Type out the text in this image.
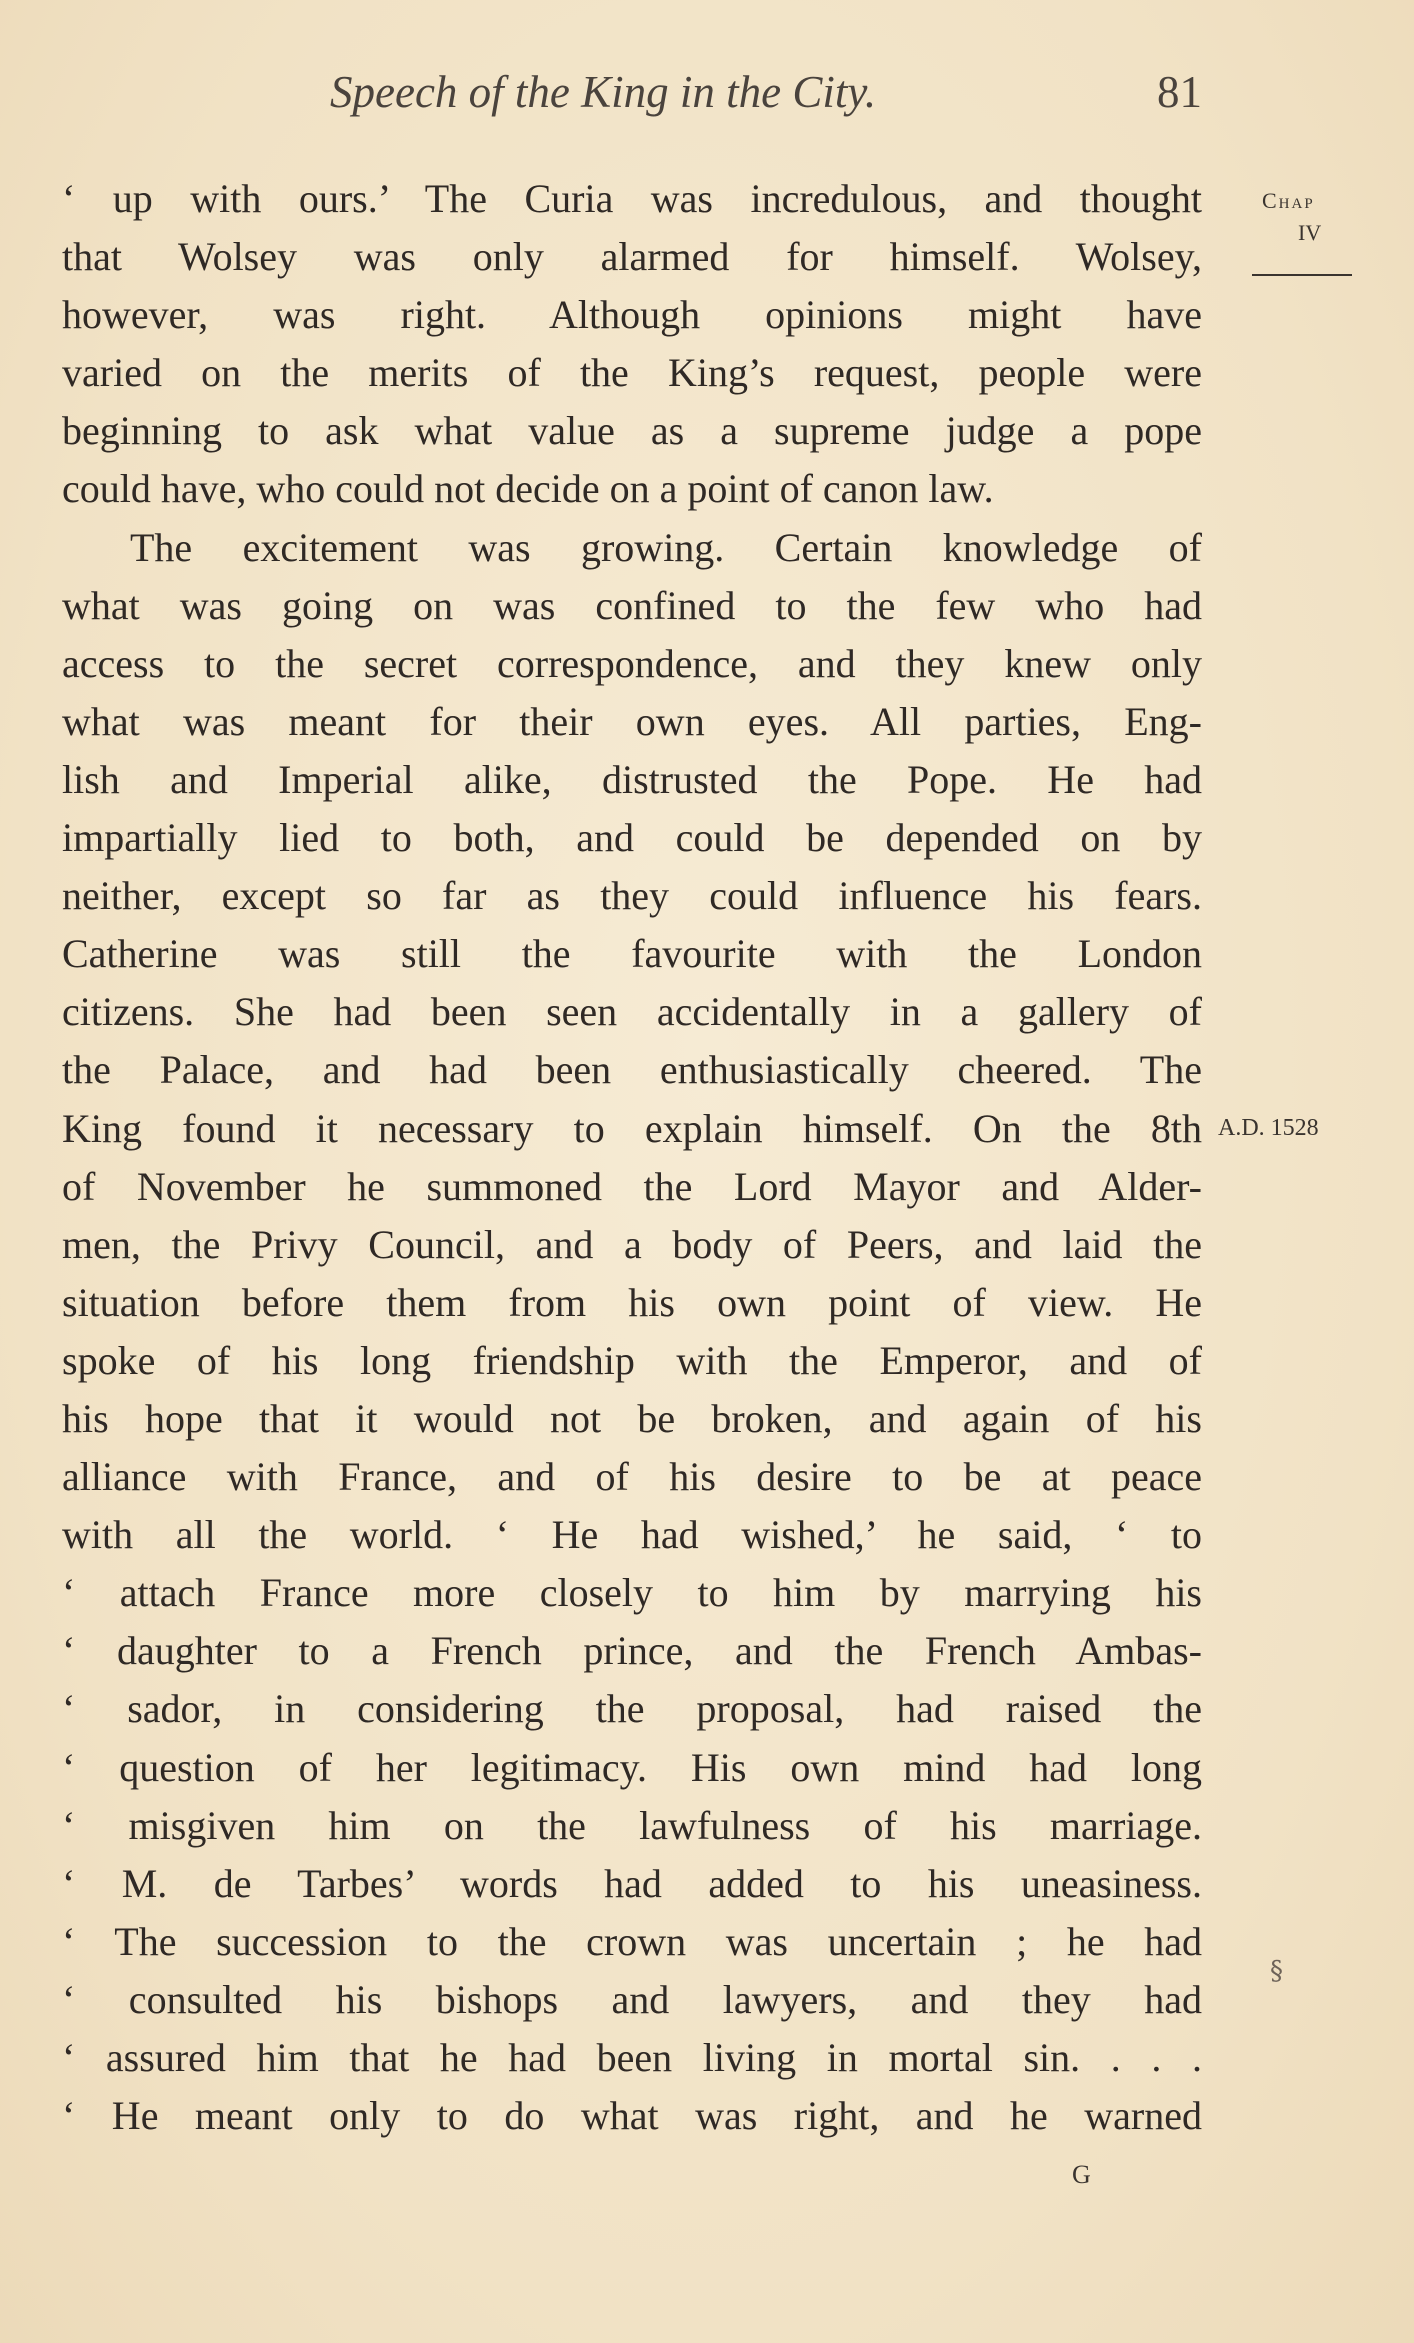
Speech of the King in the City.	81
Chap
IV
A.D. 1528
§
‘ up with ours.’ The Curia was incredulous, and thought
that Wolsey was only alarmed for himself. Wolsey,
however, was right. Although opinions might have
varied on the merits of the King’s request, people were
beginning to ask what value as a supreme judge a pope
could have, who could not decide on a point of canon law.
The excitement was growing. Certain knowledge of
what was going on was confined to the few who had
access to the secret correspondence, and they knew only
what was meant for their own eyes. All parties, Eng-
lish and Imperial alike, distrusted the Pope. He had
impartially lied to both, and could be depended on by
neither, except so far as they could influence his fears.
Catherine was still the favourite with the London
citizens. She had been seen accidentally in a gallery of
the Palace, and had been enthusiastically cheered. The
King found it necessary to explain himself. On the 8th
of November he summoned the Lord Mayor and Alder-
men, the Privy Council, and a body of Peers, and laid the
situation before them from his own point of view. He
spoke of his long friendship with the Emperor, and of
his hope that it would not be broken, and again of his
alliance with France, and of his desire to be at peace
with all the world. ‘ He had wished,’ he said, ‘ to
‘ attach France more closely to him by marrying his
‘ daughter to a French prince, and the French Ambas-
‘ sador, in considering the proposal, had raised the
‘ question of her legitimacy. His own mind had long
‘ misgiven him on the lawfulness of his marriage.
‘ M. de Tarbes’ words had added to his uneasiness.
‘ The succession to the crown was uncertain ; he had
‘ consulted his bishops and lawyers, and they had
‘ assured him that he had been living in mortal sin. . . .
‘ He meant only to do what was right, and he warned
G
